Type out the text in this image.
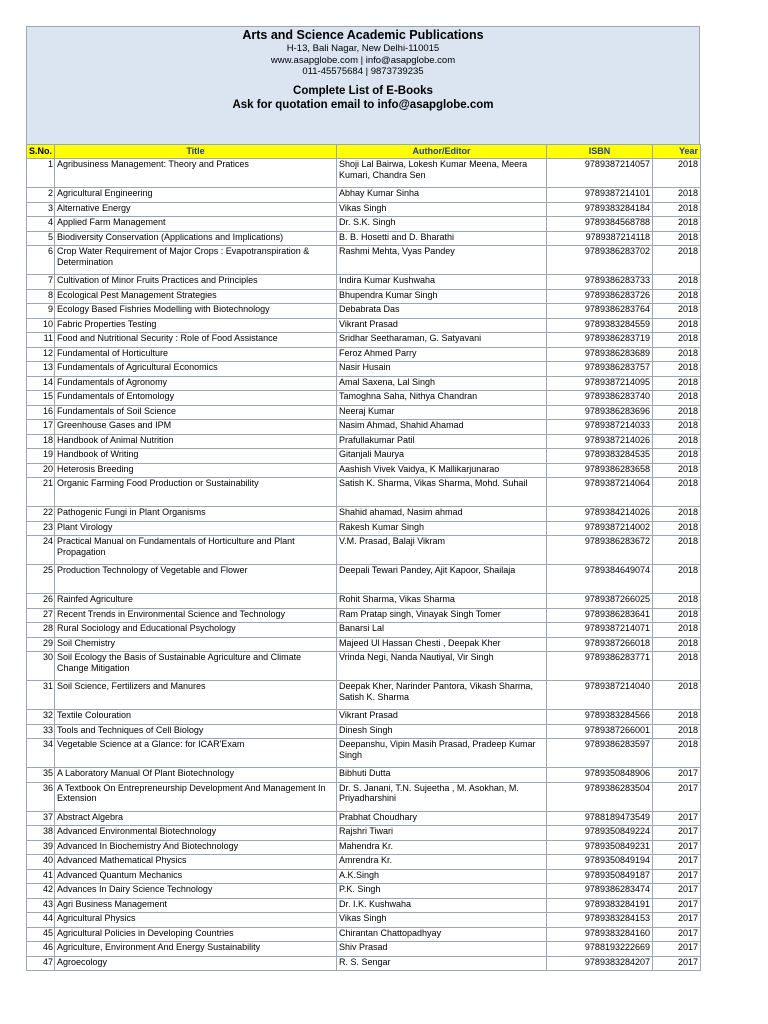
Arts and Science Academic Publications
H-13, Bali Nagar, New Delhi-110015
www.asapglobe.com | info@asapglobe.com
011-45575684 | 9873739235
Complete List of E-Books
Ask for quotation email to info@asapglobe.com
S.No.	Title	Author/Editor	ISBN	Year
1	Agribusiness Management: Theory and Pratices	Shoji Lal Bairwa, Lokesh Kumar Meena, Meera Kumari, Chandra Sen	9789387214057	2018
2	Agricultural Engineering	Abhay Kumar Sinha	9789387214101	2018
3	Alternative Energy	Vikas Singh	9789383284184	2018
4	Applied Farm Management	Dr. S.K. Singh	9789384568788	2018
5	Biodiversity Conservation (Applications and Implications)	B. B. Hosetti and D. Bharathi	9789387214118	2018
6	Crop Water Requirement of Major Crops : Evapotranspiration & Determination	Rashmi Mehta, Vyas Pandey	9789386283702	2018
7	Cultivation of Minor Fruits Practices and Principles	Indira Kumar Kushwaha	9789386283733	2018
8	Ecological Pest Management Strategies	Bhupendra Kumar Singh	9789386283726	2018
9	Ecology Based Fishries Modelling with Biotechnology	Debabrata Das	9789386283764	2018
10	Fabric Properties Testing	Vikrant Prasad	9789383284559	2018
11	Food and Nutritional Security : Role of Food Assistance	Sridhar Seetharaman, G. Satyavani	9789386283719	2018
12	Fundamental of Horticulture	Feroz Ahmed Parry	9789386283689	2018
13	Fundamentals of Agricultural Economics	Nasir Husain	9789386283757	2018
14	Fundamentals of Agronomy	Amal Saxena, Lal Singh	9789387214095	2018
15	Fundamentals of Entomology	Tamoghna Saha, Nithya Chandran	9789386283740	2018
16	Fundamentals of Soil Science	Neeraj Kumar	9789386283696	2018
17	Greenhouse Gases and IPM	Nasim Ahmad, Shahid Ahamad	9789387214033	2018
18	Handbook of Animal Nutrition	Prafullakumar Patil	9789387214026	2018
19	Handbook of Writing	Gitanjali Maurya	9789383284535	2018
20	Heterosis Breeding	Aashish Vivek Vaidya, K Mallikarjunarao	9789386283658	2018
21	Organic Farming Food Production or Sustainability	Satish K. Sharma, Vikas Sharma, Mohd. Suhail	9789387214064	2018
22	Pathogenic Fungi in Plant Organisms	Shahid ahamad, Nasim ahmad	9789384214026	2018
23	Plant Virology	Rakesh Kumar Singh	9789387214002	2018
24	Practical Manual on Fundamentals of Horticulture and Plant Propagation	V.M. Prasad, Balaji Vikram	9789386283672	2018
25	Production Technology of Vegetable and Flower	Deepali Tewari Pandey, Ajit Kapoor, Shailaja	9789384649074	2018
26	Rainfed Agriculture	Rohit Sharma, Vikas Sharma	9789387266025	2018
27	Recent Trends in Environmental Science and Technology	Ram Pratap singh, Vinayak Singh Tomer	9789386283641	2018
28	Rural Sociology and Educational Psychology	Banarsi Lal	9789387214071	2018
29	Soil Chemistry	Majeed Ul Hassan Chesti , Deepak Kher	9789387266018	2018
30	Soil Ecology the Basis of Sustainable Agriculture and Climate Change Mitigation	Vrinda Negi, Nanda Nautiyal, Vir Singh	9789386283771	2018
31	Soil Science, Fertilizers and Manures	Deepak Kher, Narinder Pantora, Vikash Sharma, Satish K. Sharma	9789387214040	2018
32	Textile Colouration	Vikrant Prasad	9789383284566	2018
33	Tools and Techniques of Cell Biology	Dinesh Singh	9789387266001	2018
34	Vegetable Science at a Glance: for ICAR'Exam	Deepanshu, Vipin Masih Prasad, Pradeep Kumar Singh	9789386283597	2018
35	A Laboratory Manual Of Plant Biotechnology	Bibhuti Dutta	9789350848906	2017
36	A Textbook On Entrepreneurship Development And Management In Extension	Dr. S. Janani, T.N. Sujeetha , M. Asokhan, M. Priyadharshini	9789386283504	2017
37	Abstract Algebra	Prabhat Choudhary	9788189473549	2017
38	Advanced Environmental Biotechnology	Rajshri Tiwari	9789350849224	2017
39	Advanced In Biochemistry And Biotechnology	Mahendra Kr.	9789350849231	2017
40	Advanced Mathematical Physics	Amrendra Kr.	9789350849194	2017
41	Advanced Quantum Mechanics	A.K.Singh	9789350849187	2017
42	Advances In Dairy Science Technology	P.K. Singh	9789386283474	2017
43	Agri Business Management	Dr. I.K. Kushwaha	9789383284191	2017
44	Agricultural Physics	Vikas Singh	9789383284153	2017
45	Agricultural Policies in Developing Countries	Chirantan Chattopadhyay	9789383284160	2017
46	Agriculture, Environment And Energy Sustainability	Shiv Prasad	9788193222669	2017
47	Agroecology	R. S. Sengar	9789383284207	2017
